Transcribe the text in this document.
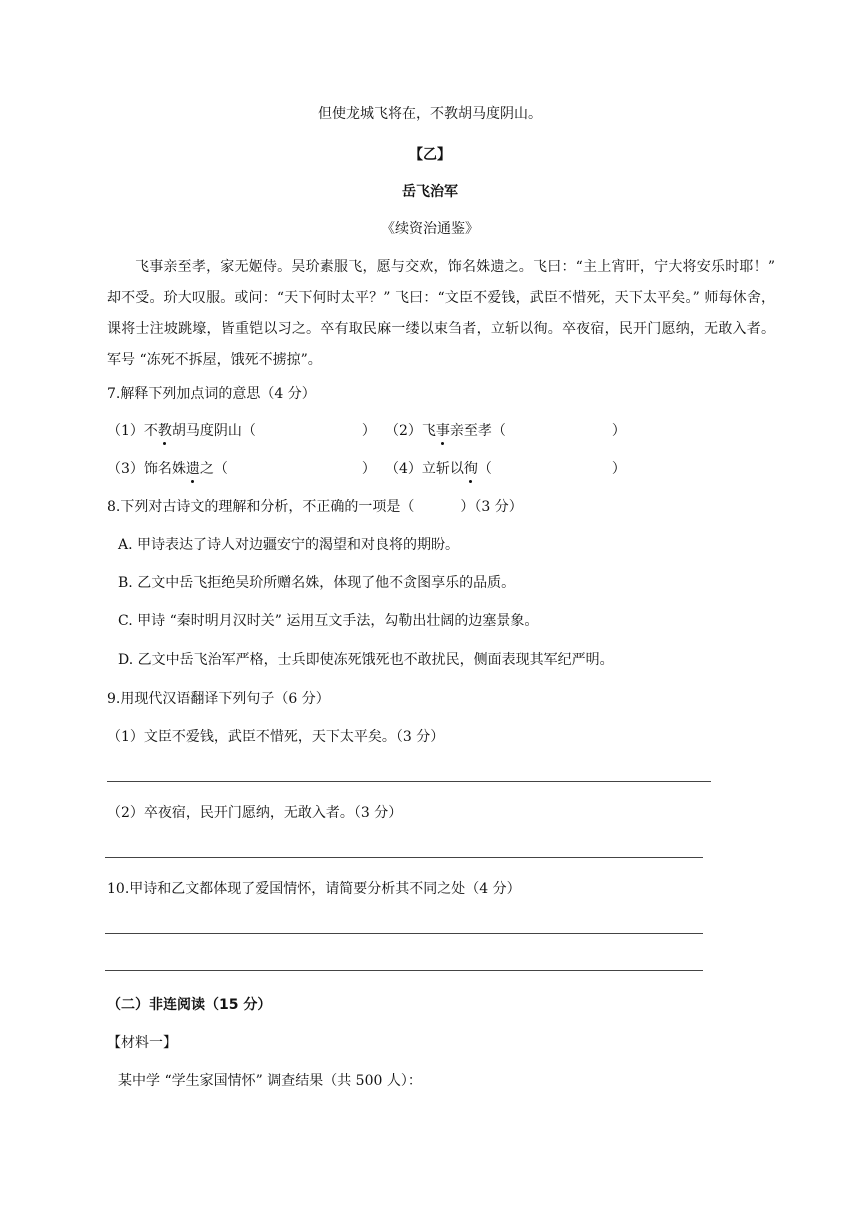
但使龙城飞将在，不教胡马度阴山。
【乙】
岳飞治军
《续资治通鉴》
飞事亲至孝，家无姬侍。吴玠素服飞，愿与交欢，饰名姝遗之。飞曰：“主上宵旰，宁大将安乐时耶！” 却不受。玠大叹服。或问：“天下何时太平？” 飞曰：“文臣不爱钱，武臣不惜死，天下太平矣。” 师每休舍，课将士注坡跳壕，皆重铠以习之。卒有取民麻一缕以束刍者，立斩以徇。卒夜宿，民开门愿纳，无敢入者。军号 “冻死不拆屋，饿死不掳掠”。
7.解释下列加点词的意思（4 分）
（1）不教胡马度阴山（	） （2）飞事亲至孝（	）
（3）饰名姝遗之（	） （4）立斩以徇（	）
8.下列对古诗文的理解和分析，不正确的一项是（	）（3 分）
A. 甲诗表达了诗人对边疆安宁的渴望和对良将的期盼。
B. 乙文中岳飞拒绝吴玠所赠名姝，体现了他不贪图享乐的品质。
C. 甲诗 “秦时明月汉时关” 运用互文手法，勾勒出壮阔的边塞景象。
D. 乙文中岳飞治军严格，士兵即使冻死饿死也不敢扰民，侧面表现其军纪严明。
9.用现代汉语翻译下列句子（6 分）
（1）文臣不爱钱，武臣不惜死，天下太平矣。（3 分）
（2）卒夜宿，民开门愿纳，无敢入者。（3 分）
10.甲诗和乙文都体现了爱国情怀，请简要分析其不同之处（4 分）
（二）非连阅读（15 分）
【材料一】
某中学 “学生家国情怀” 调查结果（共 500 人）：
